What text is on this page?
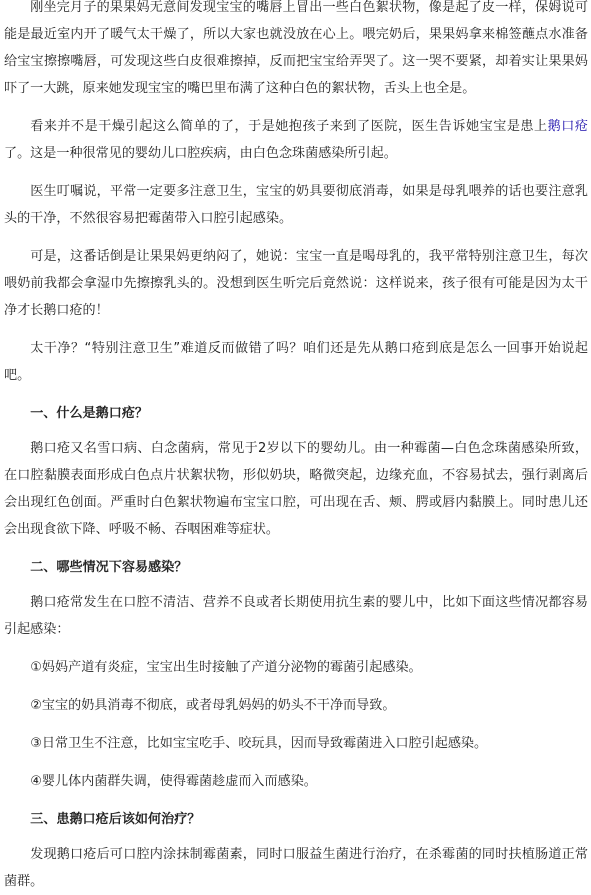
刚坐完月子的果果妈无意间发现宝宝的嘴唇上冒出一些白色絮状物，像是起了皮一样，保姆说可能是最近室内开了暖气太干燥了，所以大家也就没放在心上。喂完奶后，果果妈拿来棉签蘸点水准备给宝宝擦擦嘴唇，可发现这些白皮很难擦掉，反而把宝宝给弄哭了。这一哭不要紧，却着实让果果妈吓了一大跳，原来她发现宝宝的嘴巴里布满了这种白色的絮状物，舌头上也全是。

看来并不是干燥引起这么简单的了，于是她抱孩子来到了医院，医生告诉她宝宝是患上鹅口疮了。这是一种很常见的婴幼儿口腔疾病，由白色念珠菌感染所引起。

医生叮嘱说，平常一定要多注意卫生，宝宝的奶具要彻底消毒，如果是母乳喂养的话也要注意乳头的干净，不然很容易把霉菌带入口腔引起感染。

可是，这番话倒是让果果妈更纳闷了，她说：宝宝一直是喝母乳的，我平常特别注意卫生，每次喂奶前我都会拿湿巾先擦擦乳头的。没想到医生听完后竟然说：这样说来，孩子很有可能是因为太干净才长鹅口疮的！

太干净？“特别注意卫生”难道反而做错了吗？咱们还是先从鹅口疮到底是怎么一回事开始说起吧。

一、什么是鹅口疮？

鹅口疮又名雪口病、白念菌病，常见于2岁以下的婴幼儿。由一种霉菌—白色念珠菌感染所致，在口腔黏膜表面形成白色点片状絮状物，形似奶块，略微突起，边缘充血，不容易拭去，强行剥离后会出现红色创面。严重时白色絮状物遍布宝宝口腔，可出现在舌、颊、腭或唇内黏膜上。同时患儿还会出现食欲下降、呼吸不畅、吞咽困难等症状。

二、哪些情况下容易感染？

鹅口疮常发生在口腔不清洁、营养不良或者长期使用抗生素的婴儿中，比如下面这些情况都容易引起感染：

①妈妈产道有炎症，宝宝出生时接触了产道分泌物的霉菌引起感染。

②宝宝的奶具消毒不彻底，或者母乳妈妈的奶头不干净而导致。

③日常卫生不注意，比如宝宝吃手、咬玩具，因而导致霉菌进入口腔引起感染。

④婴儿体内菌群失调，使得霉菌趁虚而入而感染。

三、患鹅口疮后该如何治疗？

发现鹅口疮后可口腔内涂抹制霉菌素，同时口服益生菌进行治疗，在杀霉菌的同时扶植肠道正常菌群。
